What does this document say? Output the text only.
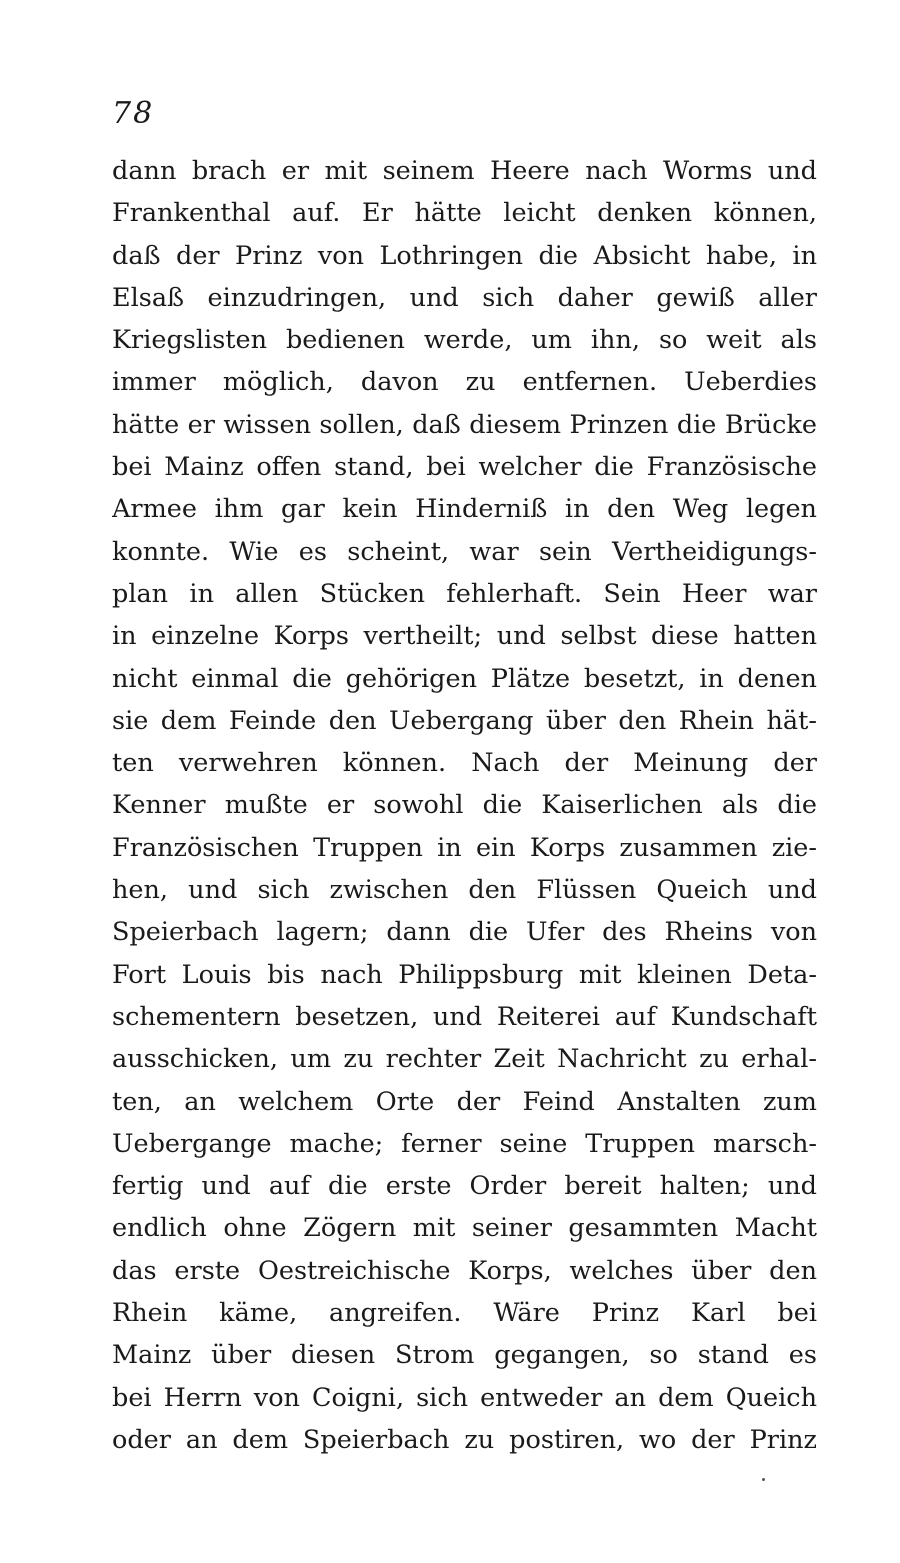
78
dann brach er mit seinem Heere nach Worms und
Frankenthal auf. Er hätte leicht denken können,
daß der Prinz von Lothringen die Absicht habe, in
Elsaß einzudringen, und sich daher gewiß aller
Kriegslisten bedienen werde, um ihn, so weit als
immer möglich, davon zu entfernen. Ueberdies
hätte er wissen sollen, daß diesem Prinzen die Brücke
bei Mainz offen stand, bei welcher die Französische
Armee ihm gar kein Hinderniß in den Weg legen
konnte. Wie es scheint, war sein Vertheidigungs-
plan in allen Stücken fehlerhaft. Sein Heer war
in einzelne Korps vertheilt; und selbst diese hatten
nicht einmal die gehörigen Plätze besetzt, in denen
sie dem Feinde den Uebergang über den Rhein hät-
ten verwehren können. Nach der Meinung der
Kenner mußte er sowohl die Kaiserlichen als die
Französischen Truppen in ein Korps zusammen zie-
hen, und sich zwischen den Flüssen Queich und
Speierbach lagern; dann die Ufer des Rheins von
Fort Louis bis nach Philippsburg mit kleinen Deta-
schementern besetzen, und Reiterei auf Kundschaft
ausschicken, um zu rechter Zeit Nachricht zu erhal-
ten, an welchem Orte der Feind Anstalten zum
Uebergange mache; ferner seine Truppen marsch-
fertig und auf die erste Order bereit halten; und
endlich ohne Zögern mit seiner gesammten Macht
das erste Oestreichische Korps, welches über den
Rhein käme, angreifen. Wäre Prinz Karl bei
Mainz über diesen Strom gegangen, so stand es
bei Herrn von Coigni, sich entweder an dem Queich
oder an dem Speierbach zu postiren, wo der Prinz
